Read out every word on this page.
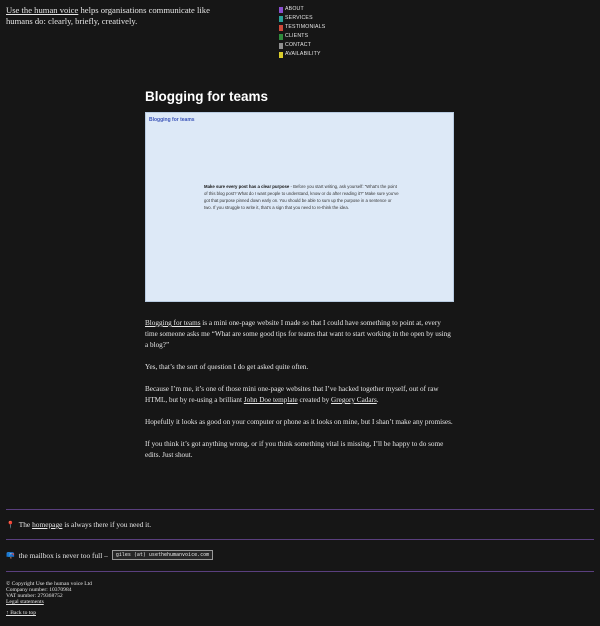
Use the human voice helps organisations communicate like humans do: clearly, briefly, creatively.
ABOUT
SERVICES
TESTIMONIALS
CLIENTS
CONTACT
AVAILABILITY
Blogging for teams
Blogging for teams
Make sure every post has a clear purpose - Before you start writing, ask yourself: “What’s the point of this blog post? What do I want people to understand, know or do after reading it?” Make sure you’ve got that purpose pinned down early on. You should be able to sum up the purpose in a sentence or two. If you struggle to write it, that’s a sign that you need to re-think the idea.

Blogging for teams is a mini one-page website I made so that I could have something to point at, every time someone asks me “What are some good tips for teams that want to start working in the open by using a blog?”

Yes, that’s the sort of question I do get asked quite often.

Because I’m me, it’s one of those mini one-page websites that I’ve hacked together myself, out of raw HTML, but by re-using a brilliant John Doe template created by Gregory Cadars.

Hopefully it looks as good on your computer or phone as it looks on mine, but I shan’t make any promises.

If you think it’s got anything wrong, or if you think something vital is missing, I’ll be happy to do some edits. Just shout.

📍 The homepage is always there if you need it.
📪 the mailbox is never too full –	giles (at) usethehumanvoice.com
© Copyright Use the human voice Ltd
Company number: 10370984
VAT number: 279368752
Legal statements
↑ Back to top
